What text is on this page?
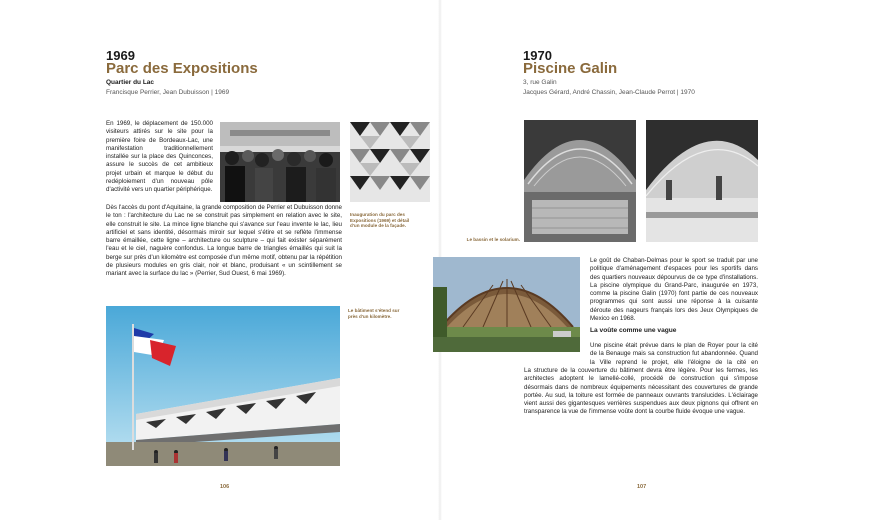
1969
Parc des Expositions
Quartier du Lac
Francisque Perrier, Jean Dubuisson | 1969
Inauguration du parc des Expositions (1969) et détail d'un module de la façade.

En 1969, le déplacement de 150.000 visiteurs attirés sur le site pour la première foire de Bordeaux-Lac, une manifestation traditionnellement installée sur la place des Quinconces, assure le succès de cet ambitieux projet urbain et marque le début du redéploiement d'un nouveau pôle d'activité vers un quartier périphérique.

Dès l'accès du pont d'Aquitaine, la grande composition de Perrier et Dubuisson donne le ton : l'architecture du Lac ne se construit pas simplement en relation avec le site, elle construit le site. La mince ligne blanche qui s'avance sur l'eau invente le lac, lieu artificiel et sans identité, désormais miroir sur lequel s'étire et se reflète l'immense barre émaillée, cette ligne – architecture ou sculpture – qui fait exister séparément l'eau et le ciel, naguère confondus. La longue barre de triangles émaillés qui suit la berge sur près d'un kilomètre est composée d'un même motif, obtenu par la répétition de plusieurs modules en gris clair, noir et blanc, produisant « un scintillement se mariant avec la surface du lac » (Perrier, Sud Ouest, 6 mai 1969).

Le bâtiment s'étend sur près d'un kilomètre.
106
1970
Piscine Galin
3, rue Galin
Jacques Gérard, André Chassin, Jean-Claude Perrot | 1970
Le bassin et le solarium.

Le goût de Chaban-Delmas pour le sport se traduit par une politique d'aménagement d'espaces pour les sportifs dans des quartiers nouveaux dépourvus de ce type d'installations. La piscine olympique du Grand-Parc, inaugurée en 1973, comme la piscine Galin (1970) font partie de ces nouveaux programmes qui sont aussi une réponse à la cuisante déroute des nageurs français lors des Jeux Olympiques de Mexico en 1968.

La voûte comme une vague

Une piscine était prévue dans le plan de Royer pour la cité de la Benauge mais sa construction fut abandonnée. Quand la Ville reprend le projet, elle l'éloigne de la cité en

La structure de la couverture du bâtiment devra être légère. Pour les fermes, les architectes adoptent le lamellé-collé, procédé de construction qui s'impose désormais dans de nombreux équipements nécessitant des couvertures de grande portée. Au sud, la toiture est formée de panneaux ouvrants translucides. L'éclairage vient aussi des gigantesques verrières suspendues aux deux pignons qui offrent en transparence la vue de l'immense voûte dont la courbe fluide évoque une vague.

107
